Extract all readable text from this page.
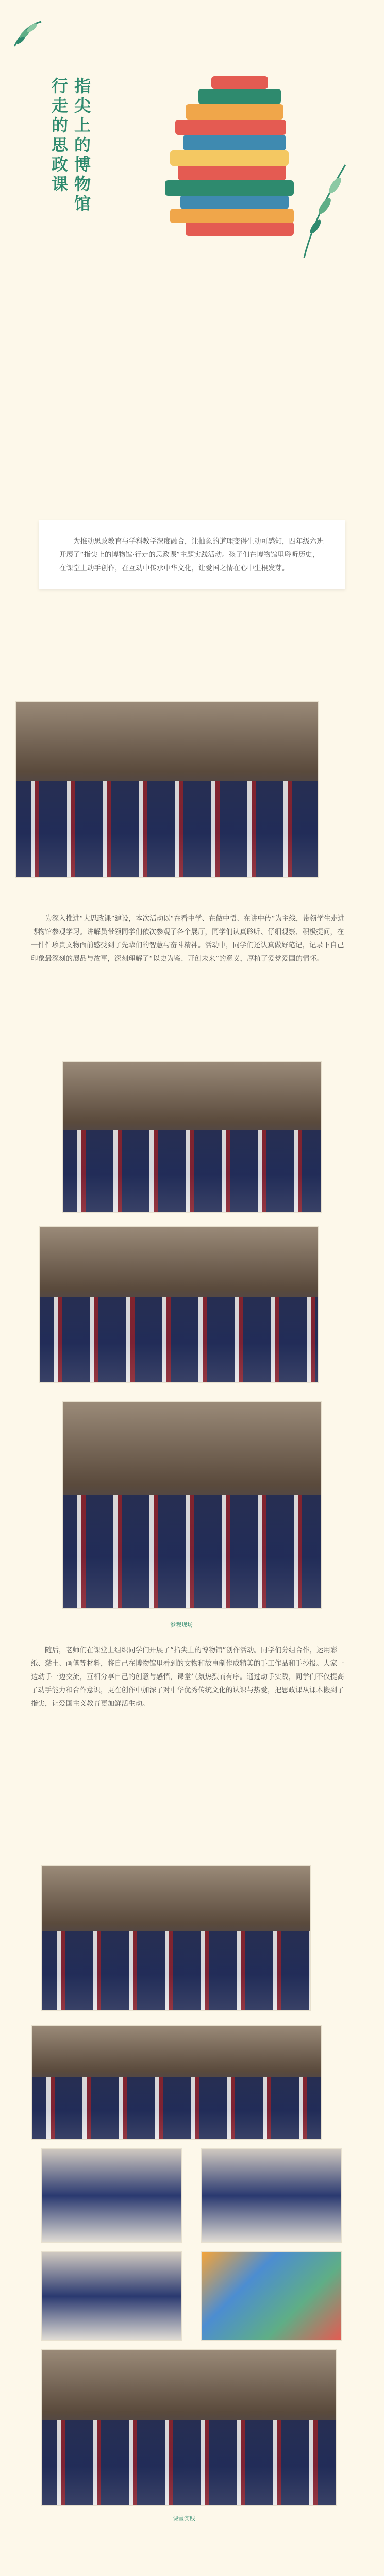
指尖上的博物馆
行走的思政课

为推动思政教育与学科教学深度融合，让抽象的道理变得生动可感知，四年级六班开展了“指尖上的博物馆·行走的思政课”主题实践活动。孩子们在博物馆里聆听历史，在课堂上动手创作，在互动中传承中华文化，让爱国之情在心中生根发芽。

为深入推进“大思政课”建设，本次活动以“在看中学、在做中悟、在讲中传”为主线，带领学生走进博物馆参观学习。讲解员带领同学们依次参观了各个展厅，同学们认真聆听、仔细观察、积极提问，在一件件珍贵文物面前感受到了先辈们的智慧与奋斗精神。活动中，同学们还认真做好笔记，记录下自己印象最深刻的展品与故事，深刻理解了“以史为鉴、开创未来”的意义，厚植了爱党爱国的情怀。

参观现场

随后，老师们在课堂上组织同学们开展了“指尖上的博物馆”创作活动。同学们分组合作，运用彩纸、黏土、画笔等材料，将自己在博物馆里看到的文物和故事制作成精美的手工作品和手抄报。大家一边动手一边交流，互相分享自己的创意与感悟，课堂气氛热烈而有序。通过动手实践，同学们不仅提高了动手能力和合作意识，更在创作中加深了对中华优秀传统文化的认识与热爱，把思政课从课本搬到了指尖，让爱国主义教育更加鲜活生动。

课堂实践
